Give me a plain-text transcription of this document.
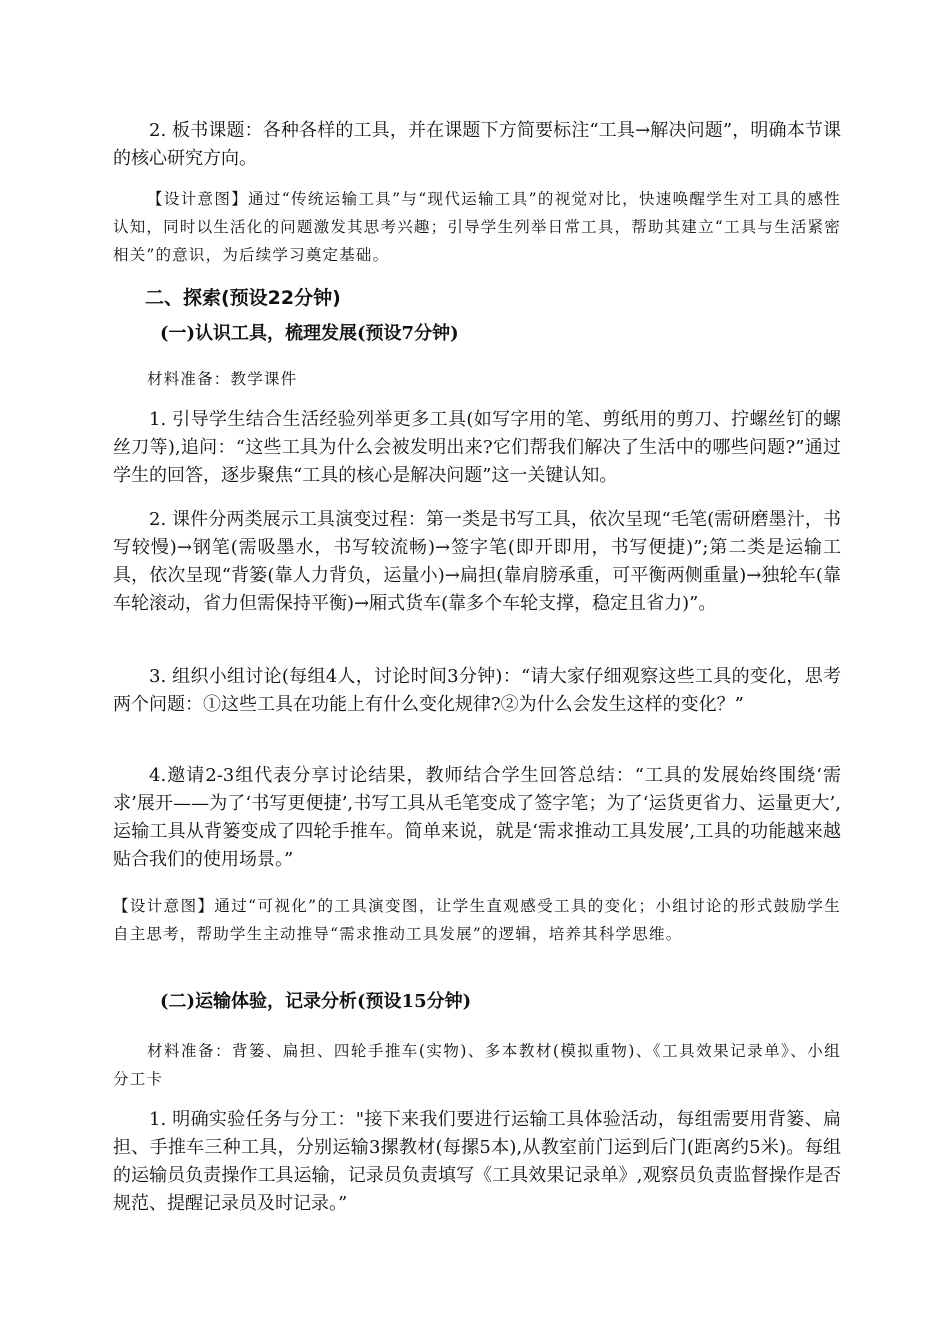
2. 板书课题：各种各样的工具，并在课题下方简要标注“工具→解决问题”，明确本节课的核心研究方向。

【设计意图】通过“传统运输工具”与“现代运输工具”的视觉对比，快速唤醒学生对工具的感性认知，同时以生活化的问题激发其思考兴趣；引导学生列举日常工具，帮助其建立“工具与生活紧密相关”的意识，为后续学习奠定基础。

二、探索(预设22分钟)
(一)认识工具，梳理发展(预设7分钟)

材料准备：教学课件

1. 引导学生结合生活经验列举更多工具(如写字用的笔、剪纸用的剪刀、拧螺丝钉的螺丝刀等),追问：“这些工具为什么会被发明出来?它们帮我们解决了生活中的哪些问题?”通过学生的回答，逐步聚焦“工具的核心是解决问题”这一关键认知。

2. 课件分两类展示工具演变过程：第一类是书写工具，依次呈现“毛笔(需研磨墨汁，书写较慢)→钢笔(需吸墨水，书写较流畅)→签字笔(即开即用，书写便捷)”;第二类是运输工具，依次呈现“背篓(靠人力背负，运量小)→扁担(靠肩膀承重，可平衡两侧重量)→独轮车(靠车轮滚动，省力但需保持平衡)→厢式货车(靠多个车轮支撑，稳定且省力)”。

3. 组织小组讨论(每组4人，讨论时间3分钟)：“请大家仔细观察这些工具的变化，思考两个问题：①这些工具在功能上有什么变化规律?②为什么会发生这样的变化？”

4.邀请2-3组代表分享讨论结果，教师结合学生回答总结：“工具的发展始终围绕‘需求’展开——为了‘书写更便捷’,书写工具从毛笔变成了签字笔；为了‘运货更省力、运量更大’,运输工具从背篓变成了四轮手推车。简单来说，就是‘需求推动工具发展’,工具的功能越来越贴合我们的使用场景。”

【设计意图】通过“可视化”的工具演变图，让学生直观感受工具的变化；小组讨论的形式鼓励学生自主思考，帮助学生主动推导“需求推动工具发展”的逻辑，培养其科学思维。

(二)运输体验，记录分析(预设15分钟)

材料准备：背篓、扁担、四轮手推车(实物)、多本教材(模拟重物)、《工具效果记录单》、小组分工卡

1. 明确实验任务与分工："接下来我们要进行运输工具体验活动，每组需要用背篓、扁担、手推车三种工具，分别运输3摞教材(每摞5本),从教室前门运到后门(距离约5米)。每组的运输员负责操作工具运输，记录员负责填写《工具效果记录单》,观察员负责监督操作是否规范、提醒记录员及时记录。”
